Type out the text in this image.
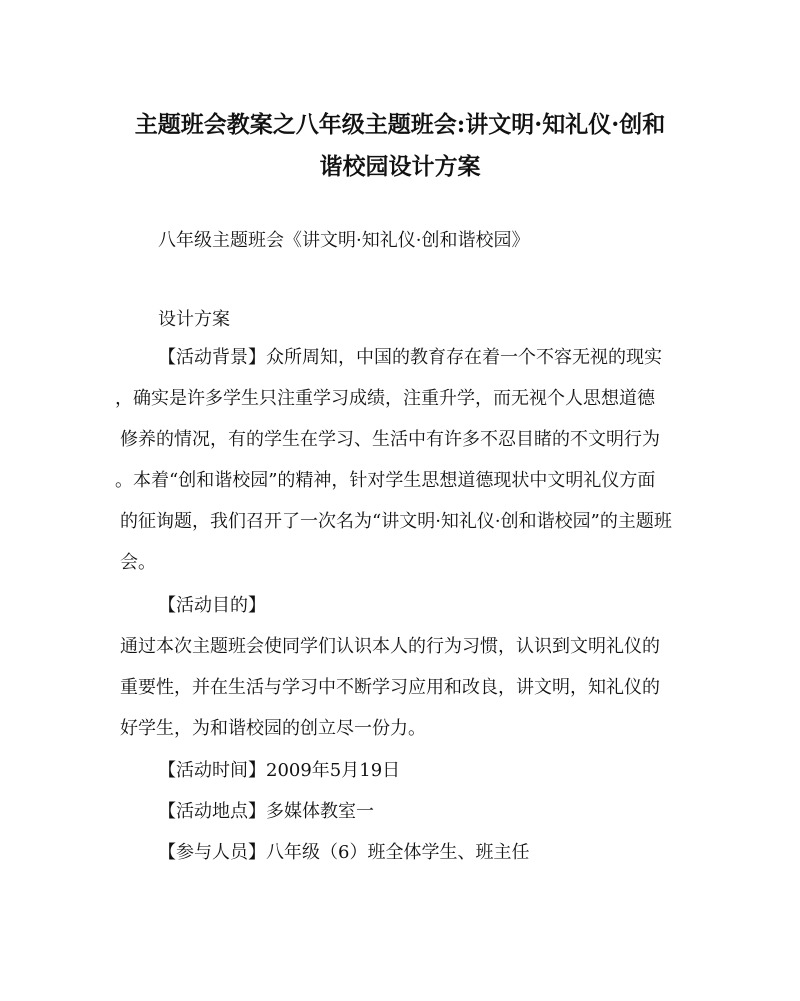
主题班会教案之八年级主题班会:讲文明·知礼仪·创和
谐校园设计方案
八年级主题班会《讲文明·知礼仪·创和谐校园》
设计方案
【活动背景】众所周知，中国的教育存在着一个不容无视的现实
，确实是许多学生只注重学习成绩，注重升学，而无视个人思想道德
修养的情况，有的学生在学习、生活中有许多不忍目睹的不文明行为
。本着“创和谐校园”的精神，针对学生思想道德现状中文明礼仪方面
的征询题，我们召开了一次名为“讲文明·知礼仪·创和谐校园”的主题班
会。
【活动目的】
通过本次主题班会使同学们认识本人的行为习惯，认识到文明礼仪的
重要性，并在生活与学习中不断学习应用和改良，讲文明，知礼仪的
好学生，为和谐校园的创立尽一份力。
【活动时间】2009年5月19日
【活动地点】多媒体教室一
【参与人员】八年级（6）班全体学生、班主任
